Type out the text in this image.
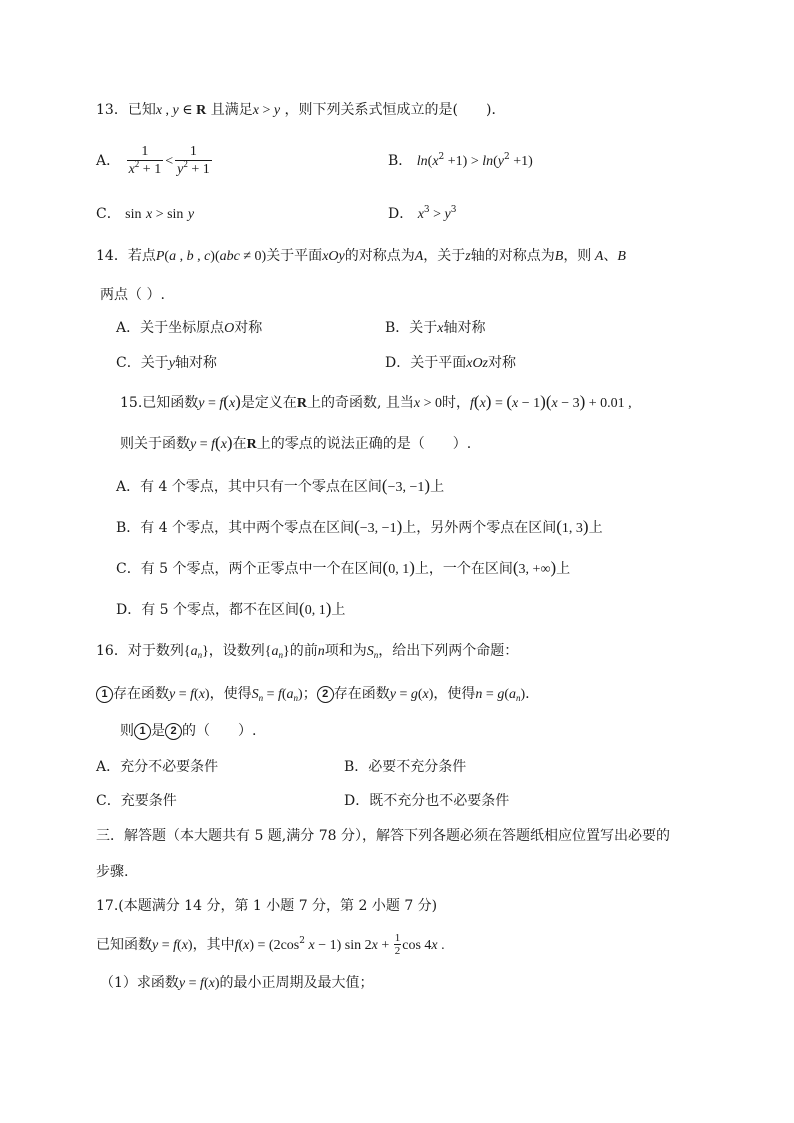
13．已知x , y ∈ R 且满足x > y ，则下列关系式恒成立的是(　　)．
A． $\frac{1}{x^2 + 1} < \frac{1}{y^2 + 1}$	B． $\ln(x^2 +1) > \ln(y^2 +1)$
C． sin x > sin y	D． $x^3 > y^3$
14．若点P(a , b , c)(abc ≠ 0)关于平面xOy的对称点为A，关于z轴的对称点为B，则 A、B
两点（ ）.
A．关于坐标原点O对称	B．关于x轴对称
C．关于y轴对称	D．关于平面xOz对称
15.已知函数y = f(x)是定义在R上的奇函数, 且当x > 0时，f(x) = (x − 1)(x − 3) + 0.01 ,
则关于函数y = f(x)在R上的零点的说法正确的是（　　）.
A．有 4 个零点，其中只有一个零点在区间(−3, −1)上
B．有 4 个零点，其中两个零点在区间(−3, −1)上，另外两个零点在区间(1, 3)上
C．有 5 个零点，两个正零点中一个在区间(0, 1)上，一个在区间(3, +∞)上
D．有 5 个零点，都不在区间(0, 1)上
16．对于数列$\{a_n\}$，设数列$\{a_n\}$的前n项和为$S_n$，给出下列两个命题：
1 存在函数y = f(x)，使得$S_n = f(a_n)$； 2 存在函数y = g(x)，使得$n = g(a_n)$.
则 1 是 2 的（　　）.
A．充分不必要条件	B．必要不充分条件
C．充要条件	D．既不充分也不必要条件
三．解答题（本大题共有 5 题,满分 78 分），解答下列各题必须在答题纸相应位置写出必要的
步骤.
17.(本题满分 14 分，第 1 小题 7 分，第 2 小题 7 分)
已知函数y = f(x)，其中$f(x) = (2\cos^2$ x − 1) $\sin 2x + \frac{1}{2}$ cos 4x .
（1）求函数y = f(x)的最小正周期及最大值；
